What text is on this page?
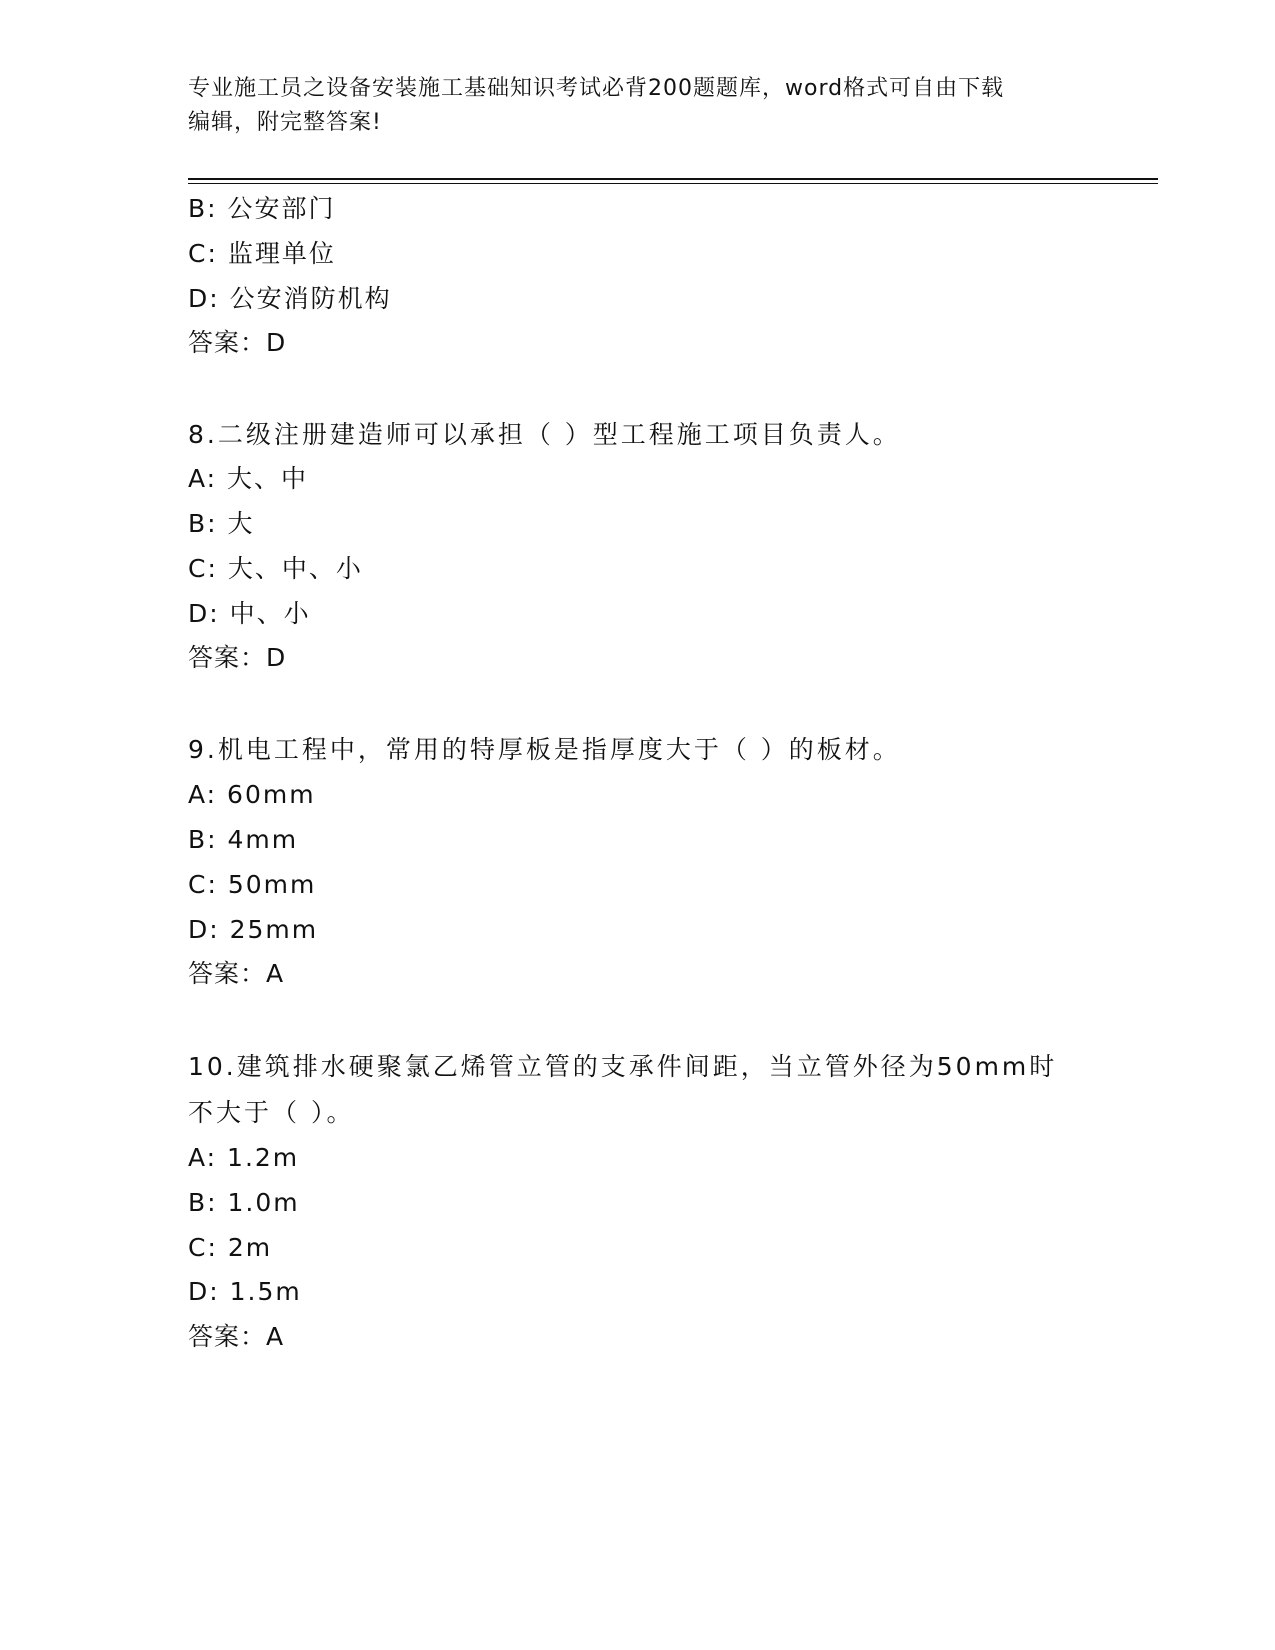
专业施工员之设备安装施工基础知识考试必背200题题库，word格式可自由下载
编辑，附完整答案!
B: 公安部门
C: 监理单位
D: 公安消防机构
答案：D
8.二级注册建造师可以承担（ ）型工程施工项目负责人。
A: 大、中
B: 大
C: 大、中、小
D: 中、小
答案：D
9.机电工程中，常用的特厚板是指厚度大于（ ）的板材。
A: 60mm
B: 4mm
C: 50mm
D: 25mm
答案：A
10.建筑排水硬聚氯乙烯管立管的支承件间距，当立管外径为50mm时
不大于（ ）。
A: 1.2m
B: 1.0m
C: 2m
D: 1.5m
答案：A
